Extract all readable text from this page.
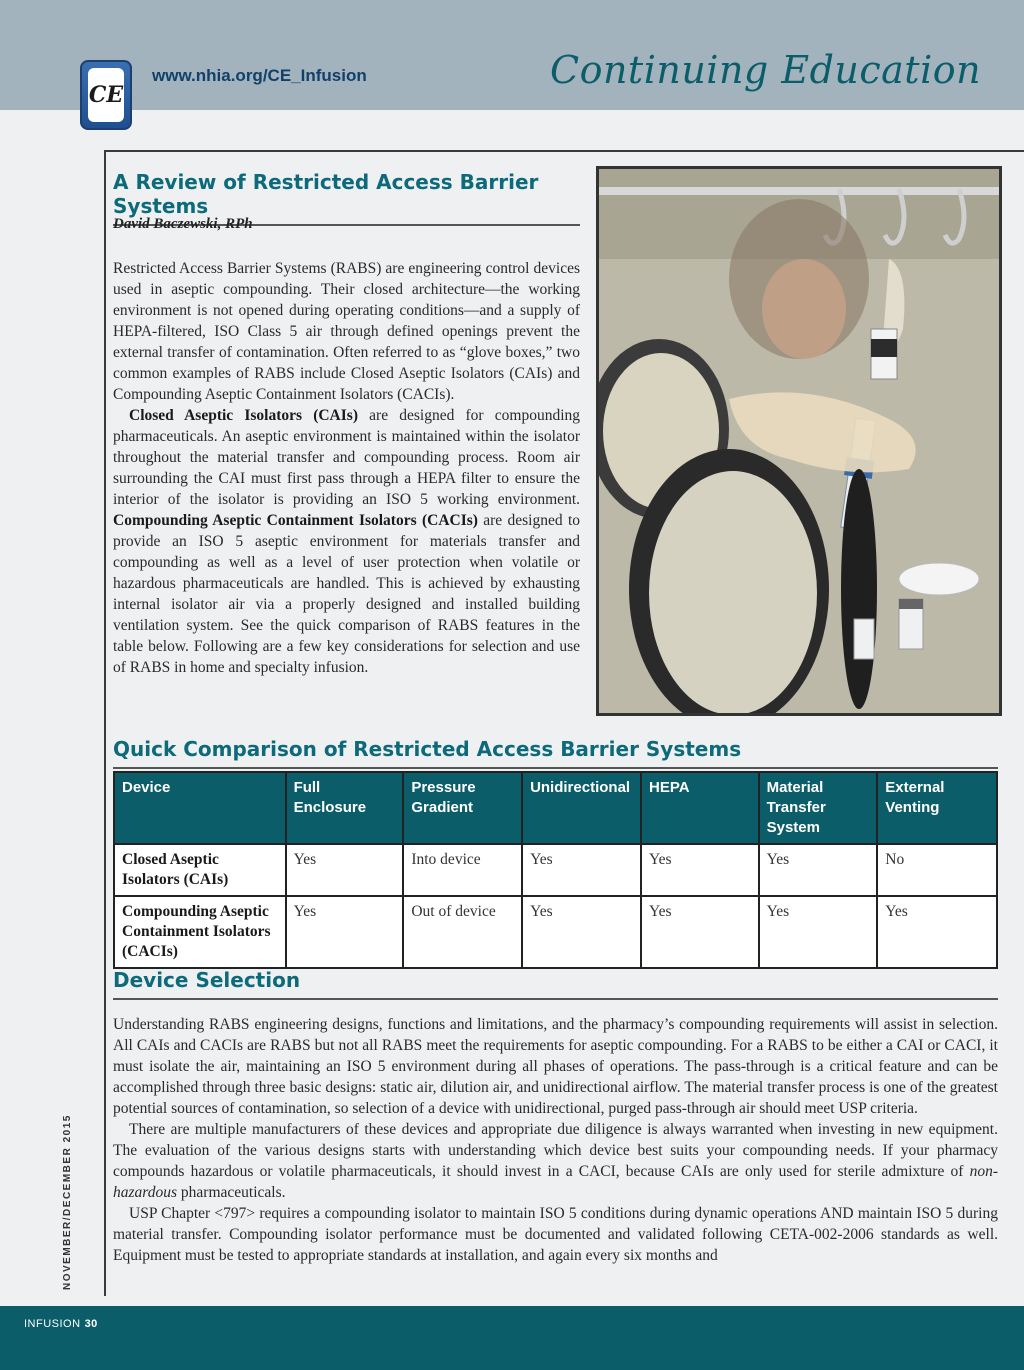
CE
www.nhia.org/CE_Infusion	Continuing Education
A Review of Restricted Access Barrier Systems
David Baczewski, RPh

Restricted Access Barrier Systems (RABS) are engineering control devices used in aseptic compounding. Their closed architecture—the working environment is not opened during operating conditions—and a supply of HEPA-filtered, ISO Class 5 air through defined openings prevent the external transfer of contamination. Often referred to as “glove boxes,” two common examples of RABS include Closed Aseptic Isolators (CAIs) and Compounding Aseptic Containment Isolators (CACIs).

Closed Aseptic Isolators (CAIs) are designed for compounding pharmaceuticals. An aseptic environment is maintained within the isolator throughout the material transfer and compounding process. Room air surrounding the CAI must first pass through a HEPA filter to ensure the interior of the isolator is providing an ISO 5 working environment. Compounding Aseptic Containment Isolators (CACIs) are designed to provide an ISO 5 aseptic environment for materials transfer and compounding as well as a level of user protection when volatile or hazardous pharmaceuticals are handled. This is achieved by exhausting internal isolator air via a properly designed and installed building ventilation system. See the quick comparison of RABS features in the table below. Following are a few key considerations for selection and use of RABS in home and specialty infusion.

Quick Comparison of Restricted Access Barrier Systems
Device	Full Enclosure	Pressure Gradient	Unidirectional	HEPA	Material Transfer System	External Venting
Closed Aseptic Isolators (CAIs)	Yes	Into device	Yes	Yes	Yes	No
Compounding Aseptic Containment Isolators (CACIs)	Yes	Out of device	Yes	Yes	Yes	Yes
Device Selection

Understanding RABS engineering designs, functions and limitations, and the pharmacy’s compounding requirements will assist in selection. All CAIs and CACIs are RABS but not all RABS meet the requirements for aseptic compounding. For a RABS to be either a CAI or CACI, it must isolate the air, maintaining an ISO 5 environment during all phases of operations. The pass-through is a critical feature and can be accomplished through three basic designs: static air, dilution air, and unidirectional airflow. The material transfer process is one of the greatest potential sources of contamination, so selection of a device with unidirectional, purged pass-through air should meet USP criteria.

There are multiple manufacturers of these devices and appropriate due diligence is always warranted when investing in new equipment. The evaluation of the various designs starts with understanding which device best suits your compounding needs. If your pharmacy compounds hazardous or volatile pharmaceuticals, it should invest in a CACI, because CAIs are only used for sterile admixture of non-hazardous pharmaceuticals.

USP Chapter <797> requires a compounding isolator to maintain ISO 5 conditions during dynamic operations AND maintain ISO 5 during material transfer. Compounding isolator performance must be documented and validated following CETA-002-2006 standards as well. Equipment must be tested to appropriate standards at installation, and again every six months and

NOVEMBER/DECEMBER 2015
INFUSION 30
